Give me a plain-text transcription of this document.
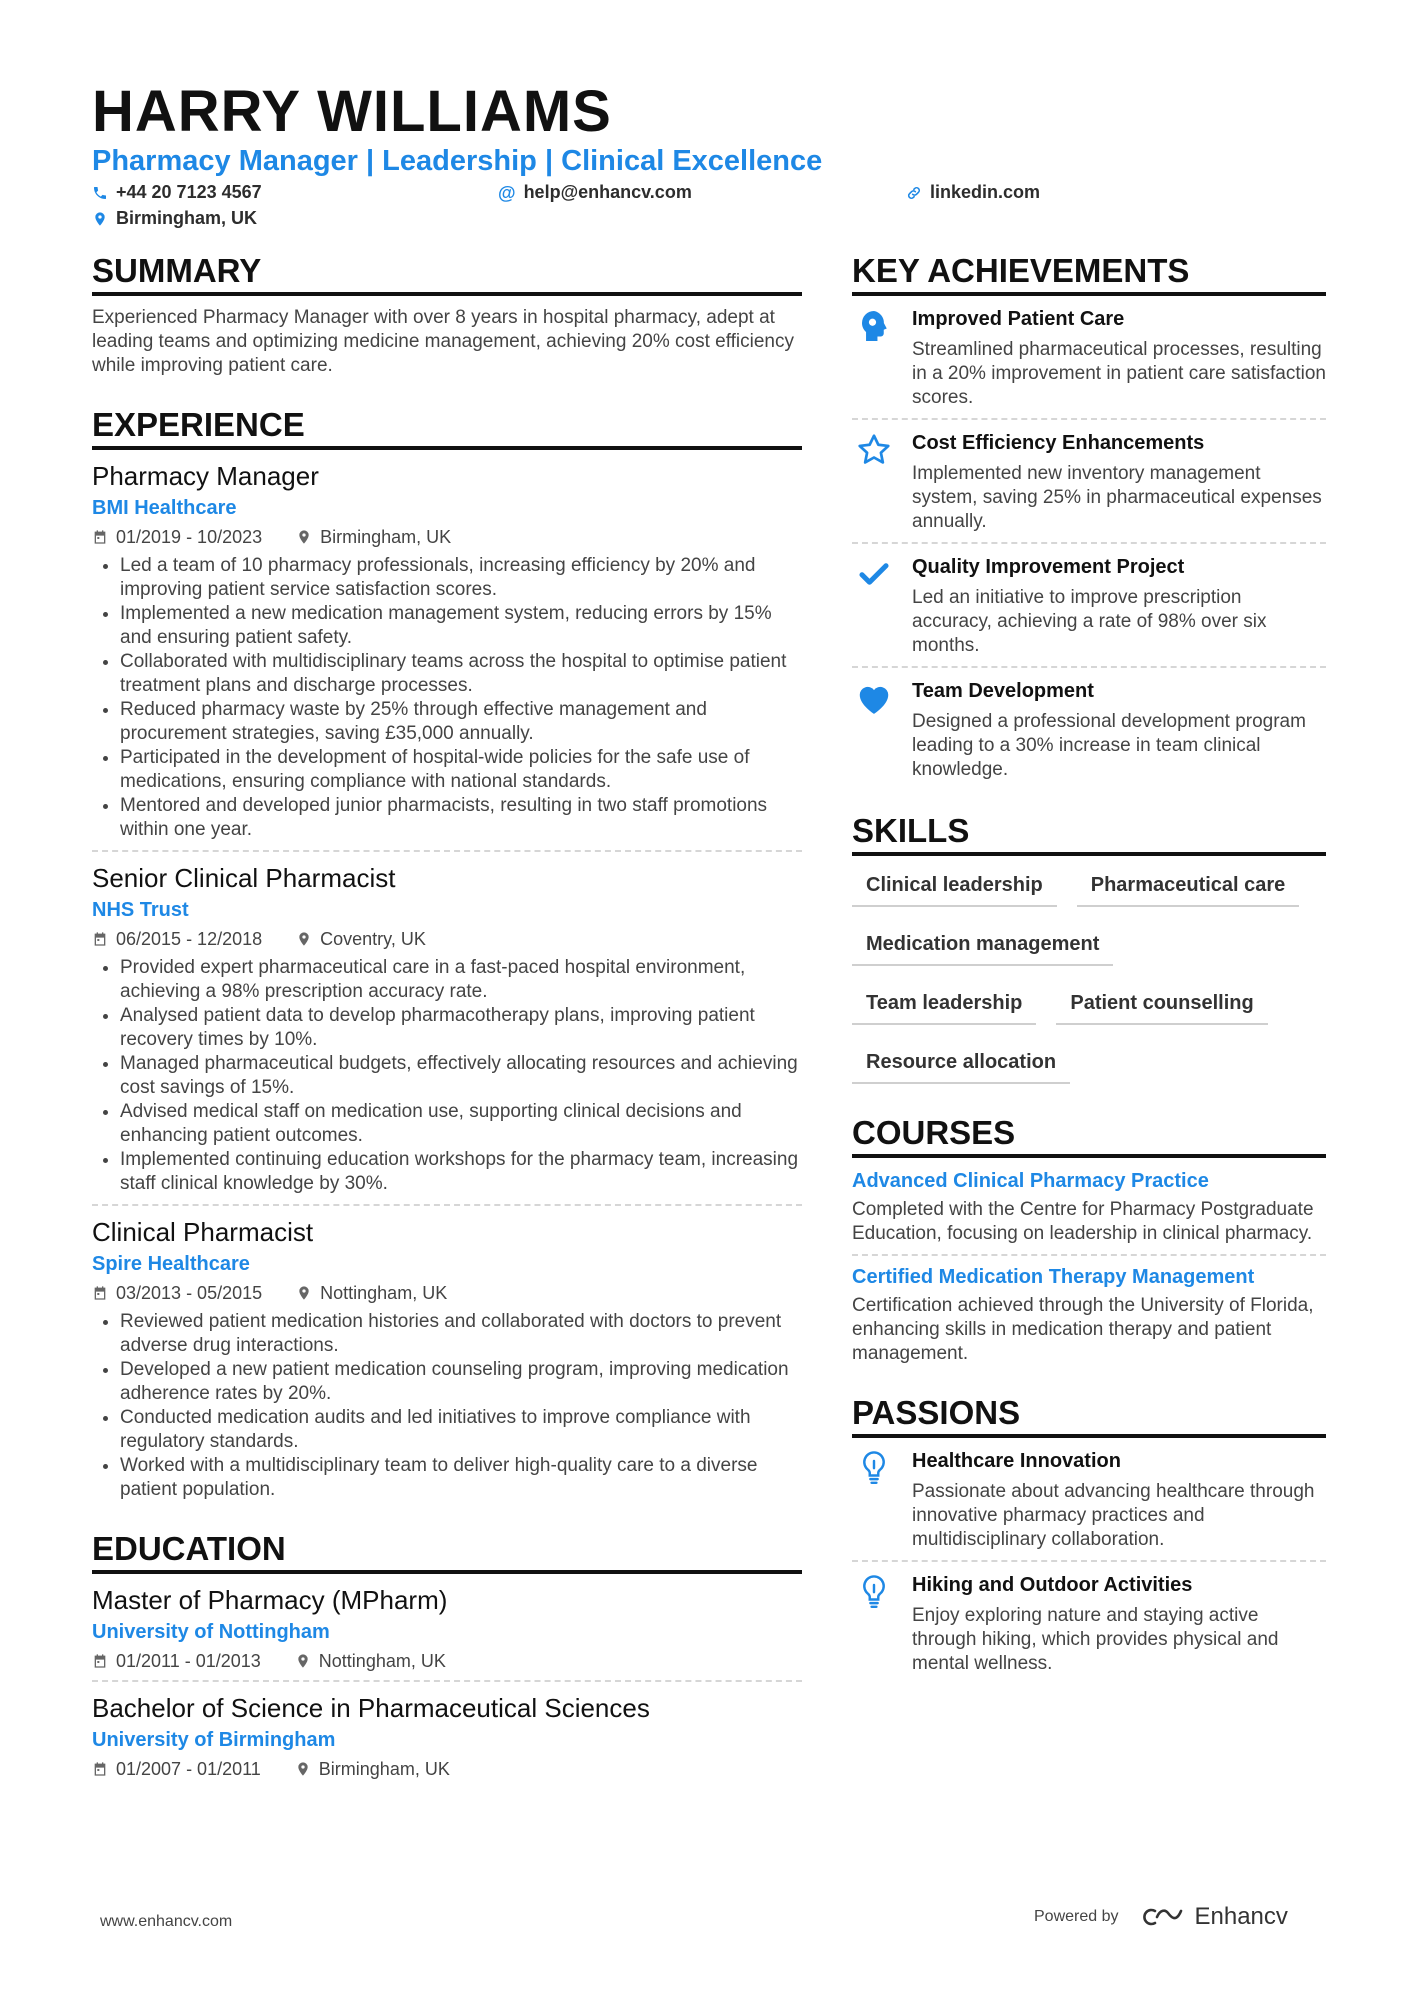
HARRY WILLIAMS

Pharmacy Manager | Leadership | Clinical Excellence

+44 20 7123 4567	@ help@enhancv.com	linkedin.com
Birmingham, UK
SUMMARY

Experienced Pharmacy Manager with over 8 years in hospital pharmacy, adept at leading teams and optimizing medicine management, achieving 20% cost efficiency while improving patient care.

EXPERIENCE

Pharmacy Manager

BMI Healthcare

01/2019 - 10/2023	Birmingham, UK
• Led a team of 10 pharmacy professionals, increasing efficiency by 20% and improving patient service satisfaction scores.
• Implemented a new medication management system, reducing errors by 15% and ensuring patient safety.
• Collaborated with multidisciplinary teams across the hospital to optimise patient treatment plans and discharge processes.
• Reduced pharmacy waste by 25% through effective management and procurement strategies, saving £35,000 annually.
• Participated in the development of hospital-wide policies for the safe use of medications, ensuring compliance with national standards.
• Mentored and developed junior pharmacists, resulting in two staff promotions within one year.

Senior Clinical Pharmacist

NHS Trust

06/2015 - 12/2018	Coventry, UK
• Provided expert pharmaceutical care in a fast-paced hospital environment, achieving a 98% prescription accuracy rate.
• Analysed patient data to develop pharmacotherapy plans, improving patient recovery times by 10%.
• Managed pharmaceutical budgets, effectively allocating resources and achieving cost savings of 15%.
• Advised medical staff on medication use, supporting clinical decisions and enhancing patient outcomes.
• Implemented continuing education workshops for the pharmacy team, increasing staff clinical knowledge by 30%.

Clinical Pharmacist

Spire Healthcare

03/2013 - 05/2015	Nottingham, UK
• Reviewed patient medication histories and collaborated with doctors to prevent adverse drug interactions.
• Developed a new patient medication counseling program, improving medication adherence rates by 20%.
• Conducted medication audits and led initiatives to improve compliance with regulatory standards.
• Worked with a multidisciplinary team to deliver high-quality care to a diverse patient population.
EDUCATION

Master of Pharmacy (MPharm)

University of Nottingham

01/2011 - 01/2013	Nottingham, UK

Bachelor of Science in Pharmaceutical Sciences

University of Birmingham

01/2007 - 01/2011	Birmingham, UK
KEY ACHIEVEMENTS

Improved Patient Care

Streamlined pharmaceutical processes, resulting in a 20% improvement in patient care satisfaction scores.

Cost Efficiency Enhancements

Implemented new inventory management system, saving 25% in pharmaceutical expenses annually.

Quality Improvement Project

Led an initiative to improve prescription accuracy, achieving a rate of 98% over six months.

Team Development

Designed a professional development program leading to a 30% increase in team clinical knowledge.

SKILLS
Clinical leadership	Pharmaceutical care
Medication management
Team leadership	Patient counselling
Resource allocation
COURSES

Advanced Clinical Pharmacy Practice

Completed with the Centre for Pharmacy Postgraduate Education, focusing on leadership in clinical pharmacy.

Certified Medication Therapy Management

Certification achieved through the University of Florida, enhancing skills in medication therapy and patient management.

PASSIONS

Healthcare Innovation

Passionate about advancing healthcare through innovative pharmacy practices and multidisciplinary collaboration.

Hiking and Outdoor Activities

Enjoy exploring nature and staying active through hiking, which provides physical and mental wellness.

www.enhancv.com	Powered by	Enhancv
